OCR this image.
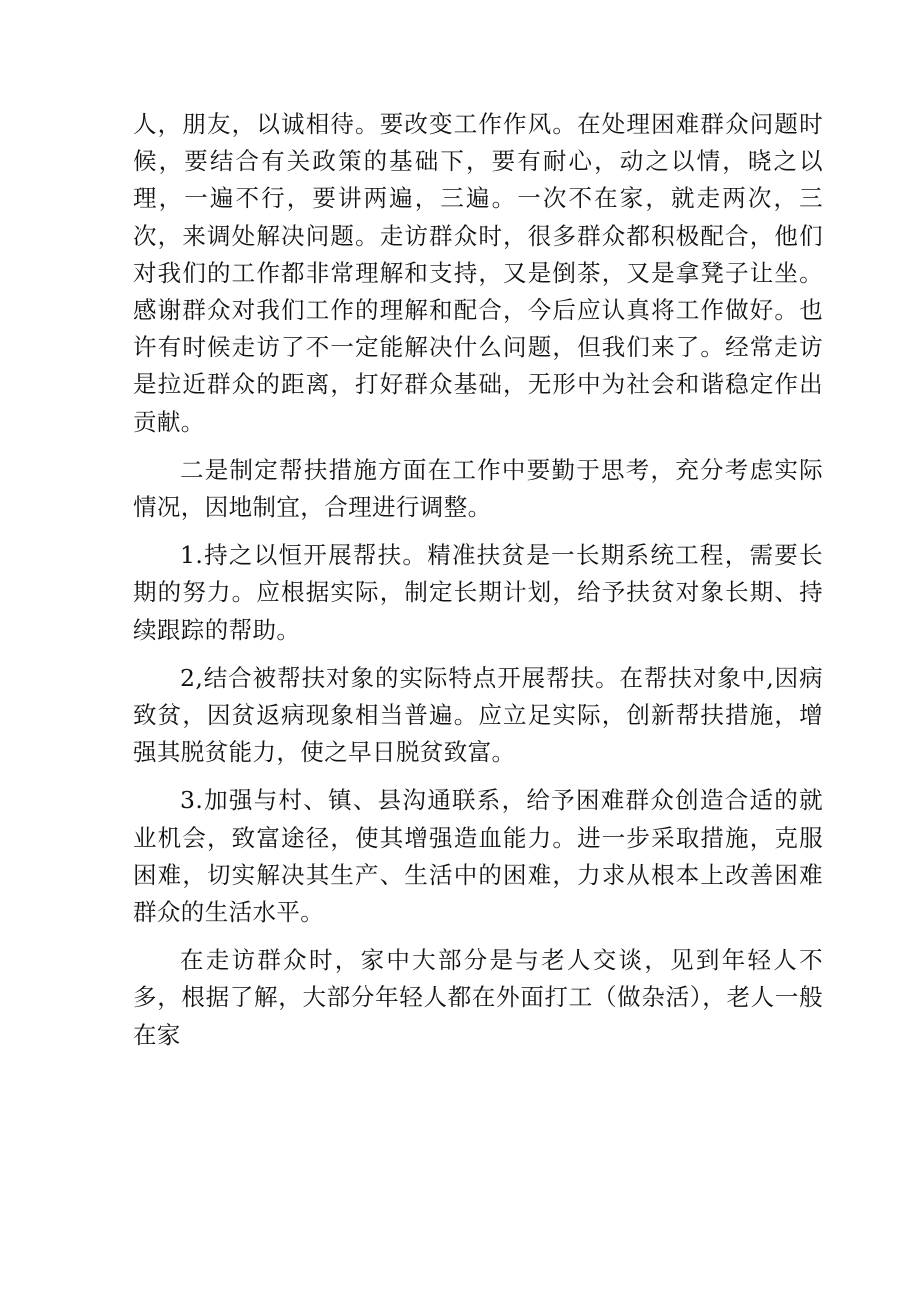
人，朋友，以诚相待。要改变工作作风。在处理困难群众问题时候，要结合有关政策的基础下，要有耐心，动之以情，晓之以理，一遍不行，要讲两遍，三遍。一次不在家，就走两次，三次，来调处解决问题。走访群众时，很多群众都积极配合，他们对我们的工作都非常理解和支持，又是倒茶，又是拿凳子让坐。感谢群众对我们工作的理解和配合，今后应认真将工作做好。也许有时候走访了不一定能解决什么问题，但我们来了。经常走访是拉近群众的距离，打好群众基础，无形中为社会和谐稳定作出贡献。

二是制定帮扶措施方面在工作中要勤于思考，充分考虑实际情况，因地制宜，合理进行调整。

1.持之以恒开展帮扶。精准扶贫是一长期系统工程，需要长期的努力。应根据实际，制定长期计划，给予扶贫对象长期、持续跟踪的帮助。

2,结合被帮扶对象的实际特点开展帮扶。在帮扶对象中,因病致贫，因贫返病现象相当普遍。应立足实际，创新帮扶措施，增强其脱贫能力，使之早日脱贫致富。

3.加强与村、镇、县沟通联系，给予困难群众创造合适的就业机会，致富途径，使其增强造血能力。进一步采取措施，克服困难，切实解决其生产、生活中的困难，力求从根本上改善困难群众的生活水平。

在走访群众时，家中大部分是与老人交谈，见到年轻人不多，根据了解，大部分年轻人都在外面打工（做杂活），老人一般在家
